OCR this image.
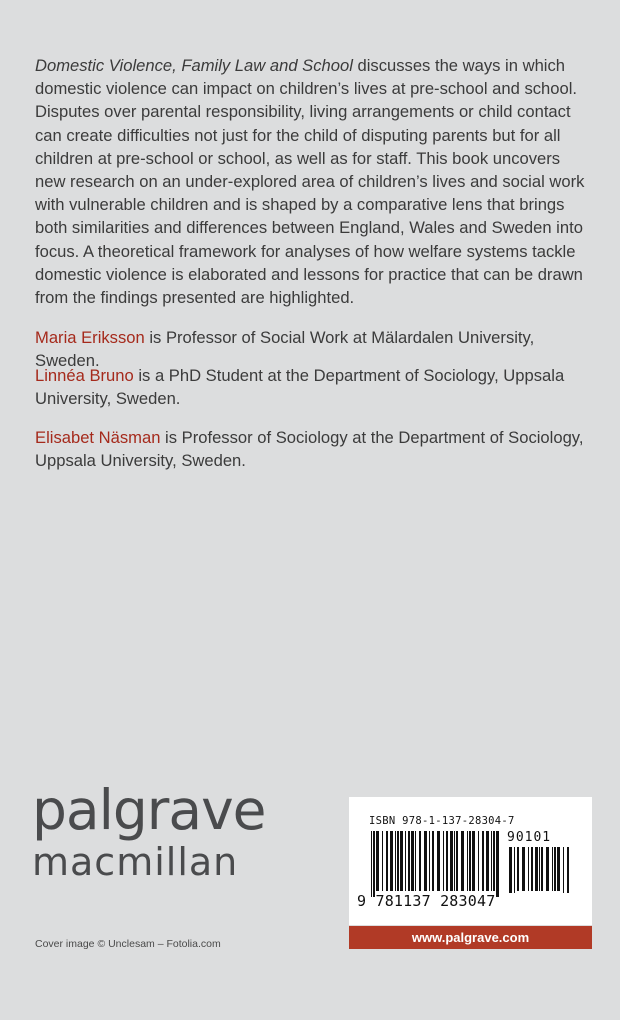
Domestic Violence, Family Law and School discusses the ways in which domestic violence can impact on children’s lives at pre-school and school. Disputes over parental responsibility, living arrangements or child contact can create difficulties not just for the child of disputing parents but for all children at pre-school or school, as well as for staff. This book uncovers new research on an under-explored area of children’s lives and social work with vulnerable children and is shaped by a comparative lens that brings both similarities and differences between England, Wales and Sweden into focus. A theoretical framework for analyses of how welfare systems tackle domestic violence is elaborated and lessons for practice that can be drawn from the findings presented are highlighted.

Maria Eriksson is Professor of Social Work at Mälardalen University, Sweden.

Linnéa Bruno is a PhD Student at the Department of Sociology, Uppsala University, Sweden.

Elisabet Näsman is Professor of Sociology at the Department of Sociology, Uppsala University, Sweden.

palgrave
macmillan
Cover image © Unclesam – Fotolia.com
ISBN 978-1-137-28304-7
90101
9 781137 283047
www.palgrave.com
